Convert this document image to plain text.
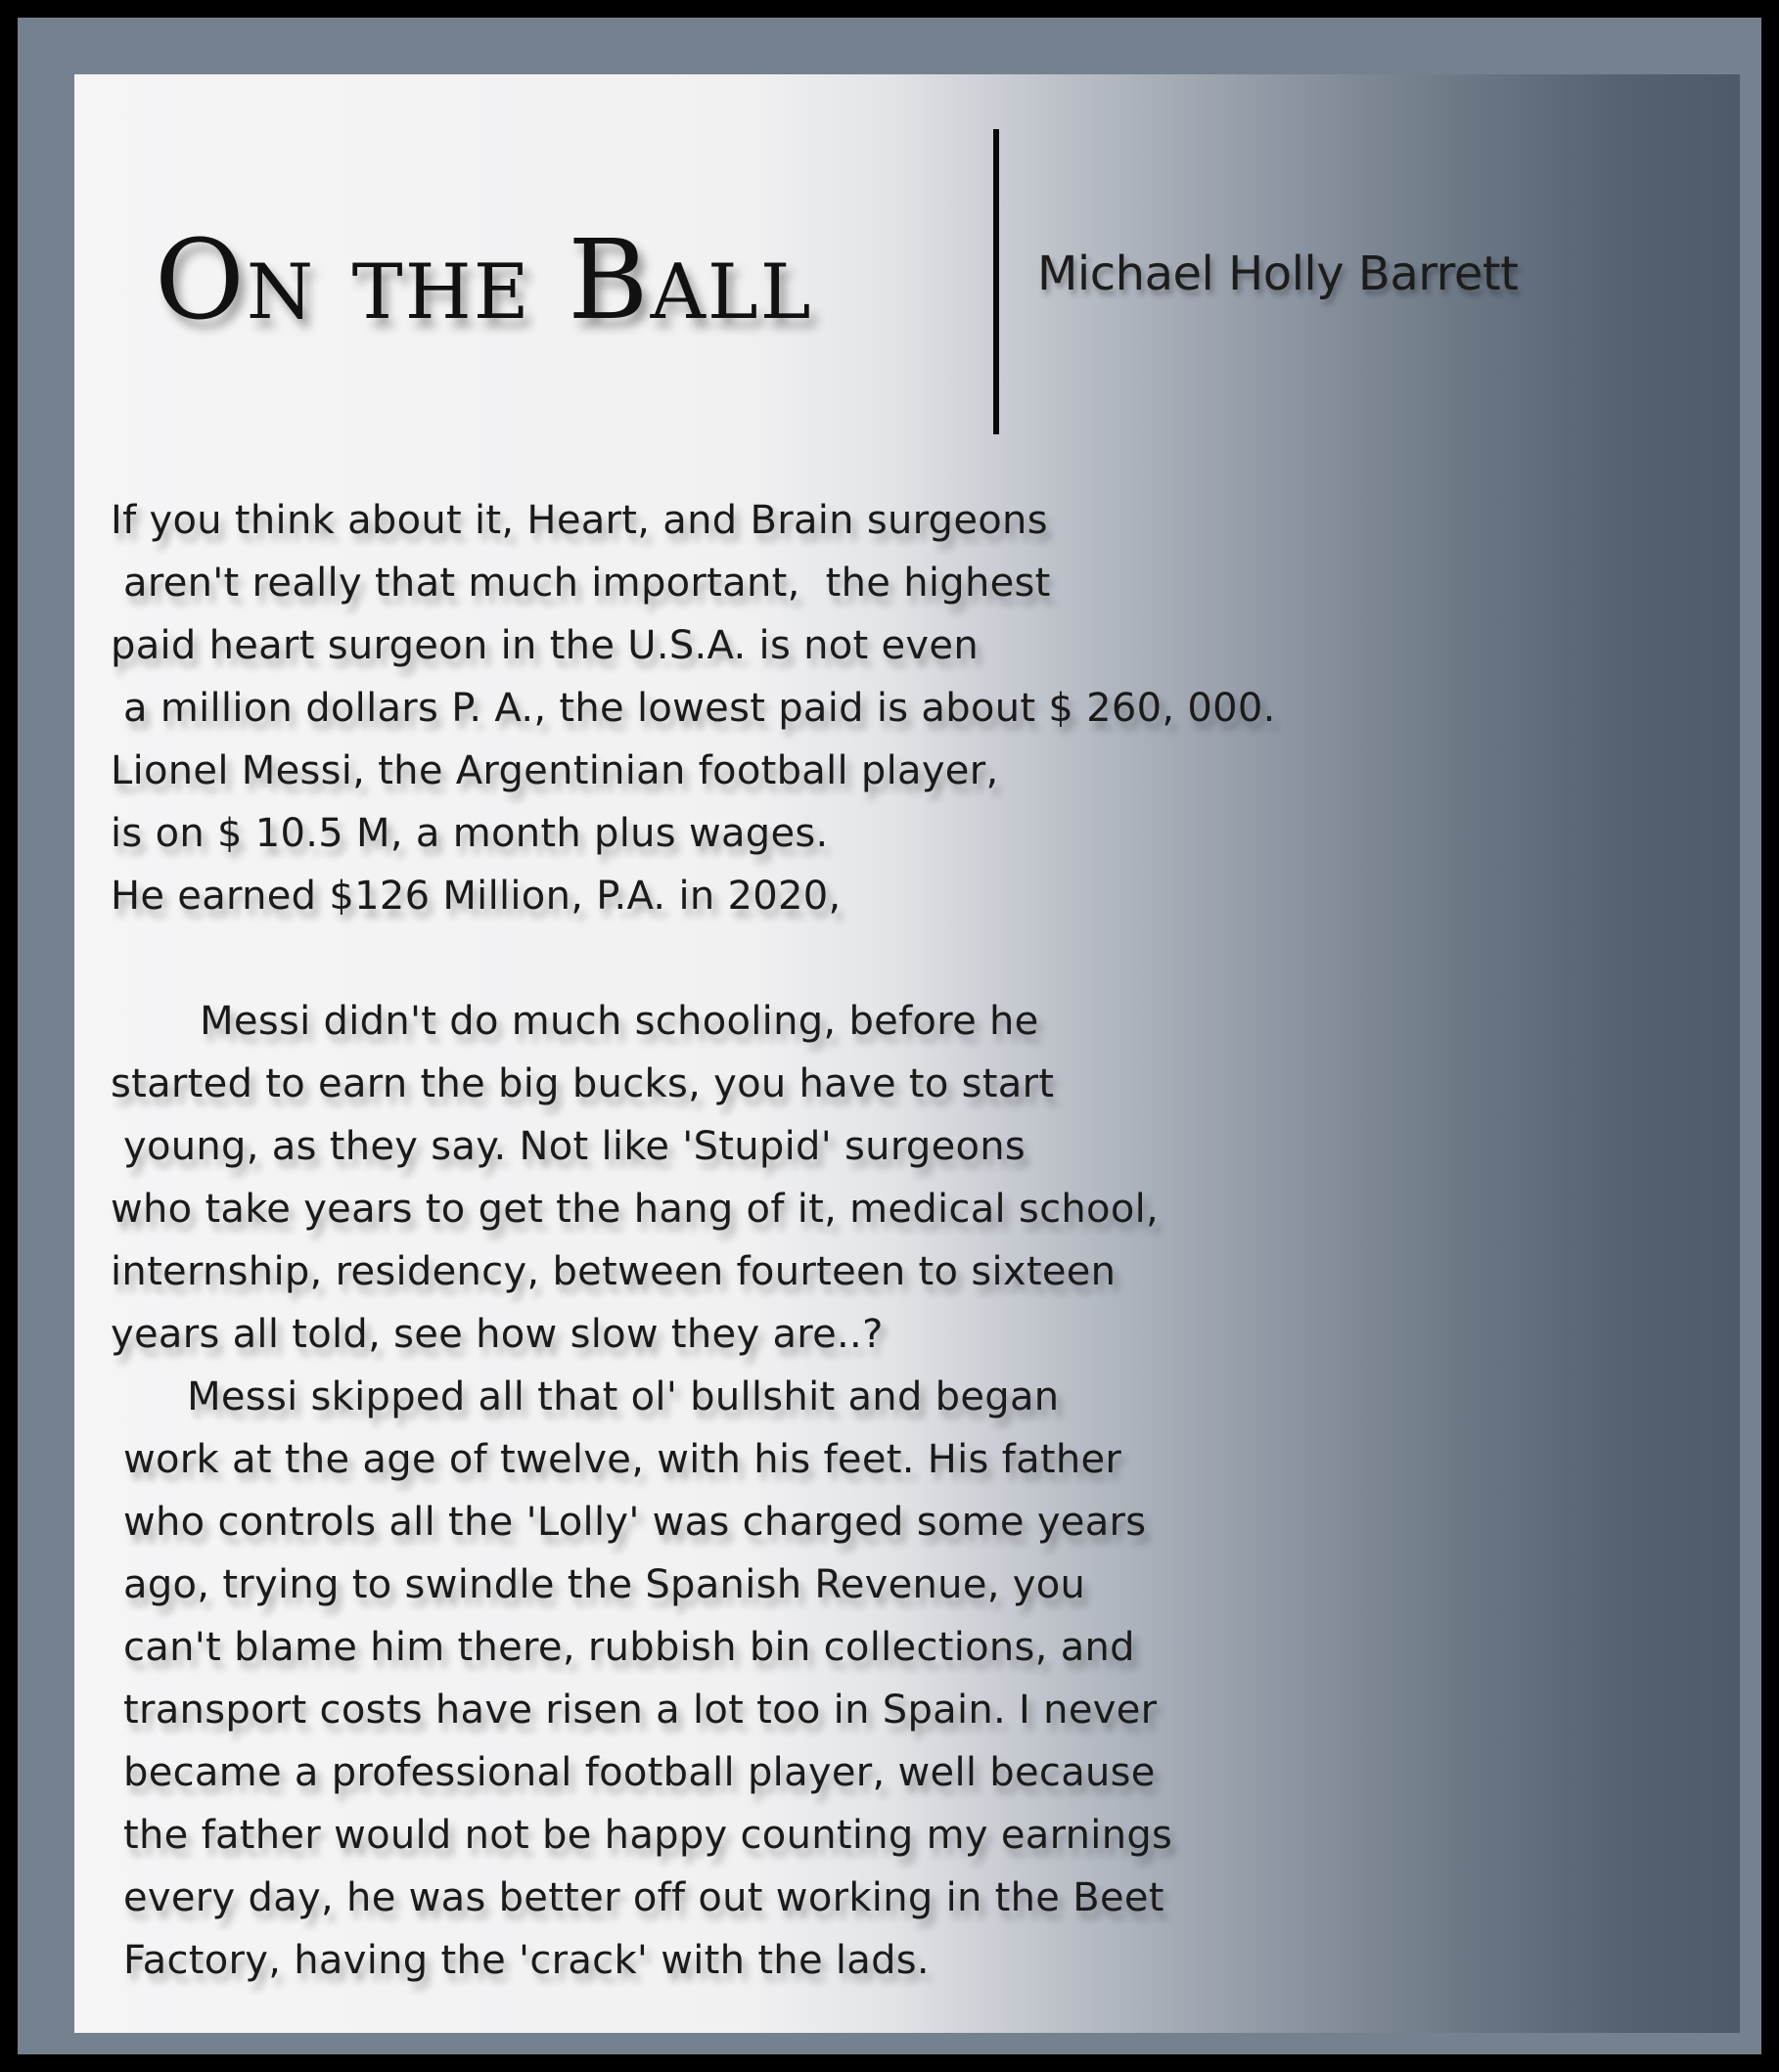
On the Ball	Michael Holly Barrett
If you think about it, Heart, and Brain surgeons
aren't really that much important,  the highest
paid heart surgeon in the U.S.A. is not even
a million dollars P. A., the lowest paid is about $ 260, 000.
Lionel Messi, the Argentinian football player,
is on $ 10.5 M, a month plus wages.
He earned $126 Million, P.A. in 2020,
Messi didn't do much schooling, before he
started to earn the big bucks, you have to start
young, as they say. Not like 'Stupid' surgeons
who take years to get the hang of it, medical school,
internship, residency, between fourteen to sixteen
years all told, see how slow they are..?
Messi skipped all that ol' bullshit and began
work at the age of twelve, with his feet. His father
who controls all the 'Lolly' was charged some years
ago, trying to swindle the Spanish Revenue, you
can't blame him there, rubbish bin collections, and
transport costs have risen a lot too in Spain. I never
became a professional football player, well because
the father would not be happy counting my earnings
every day, he was better off out working in the Beet
Factory, having the 'crack' with the lads.
